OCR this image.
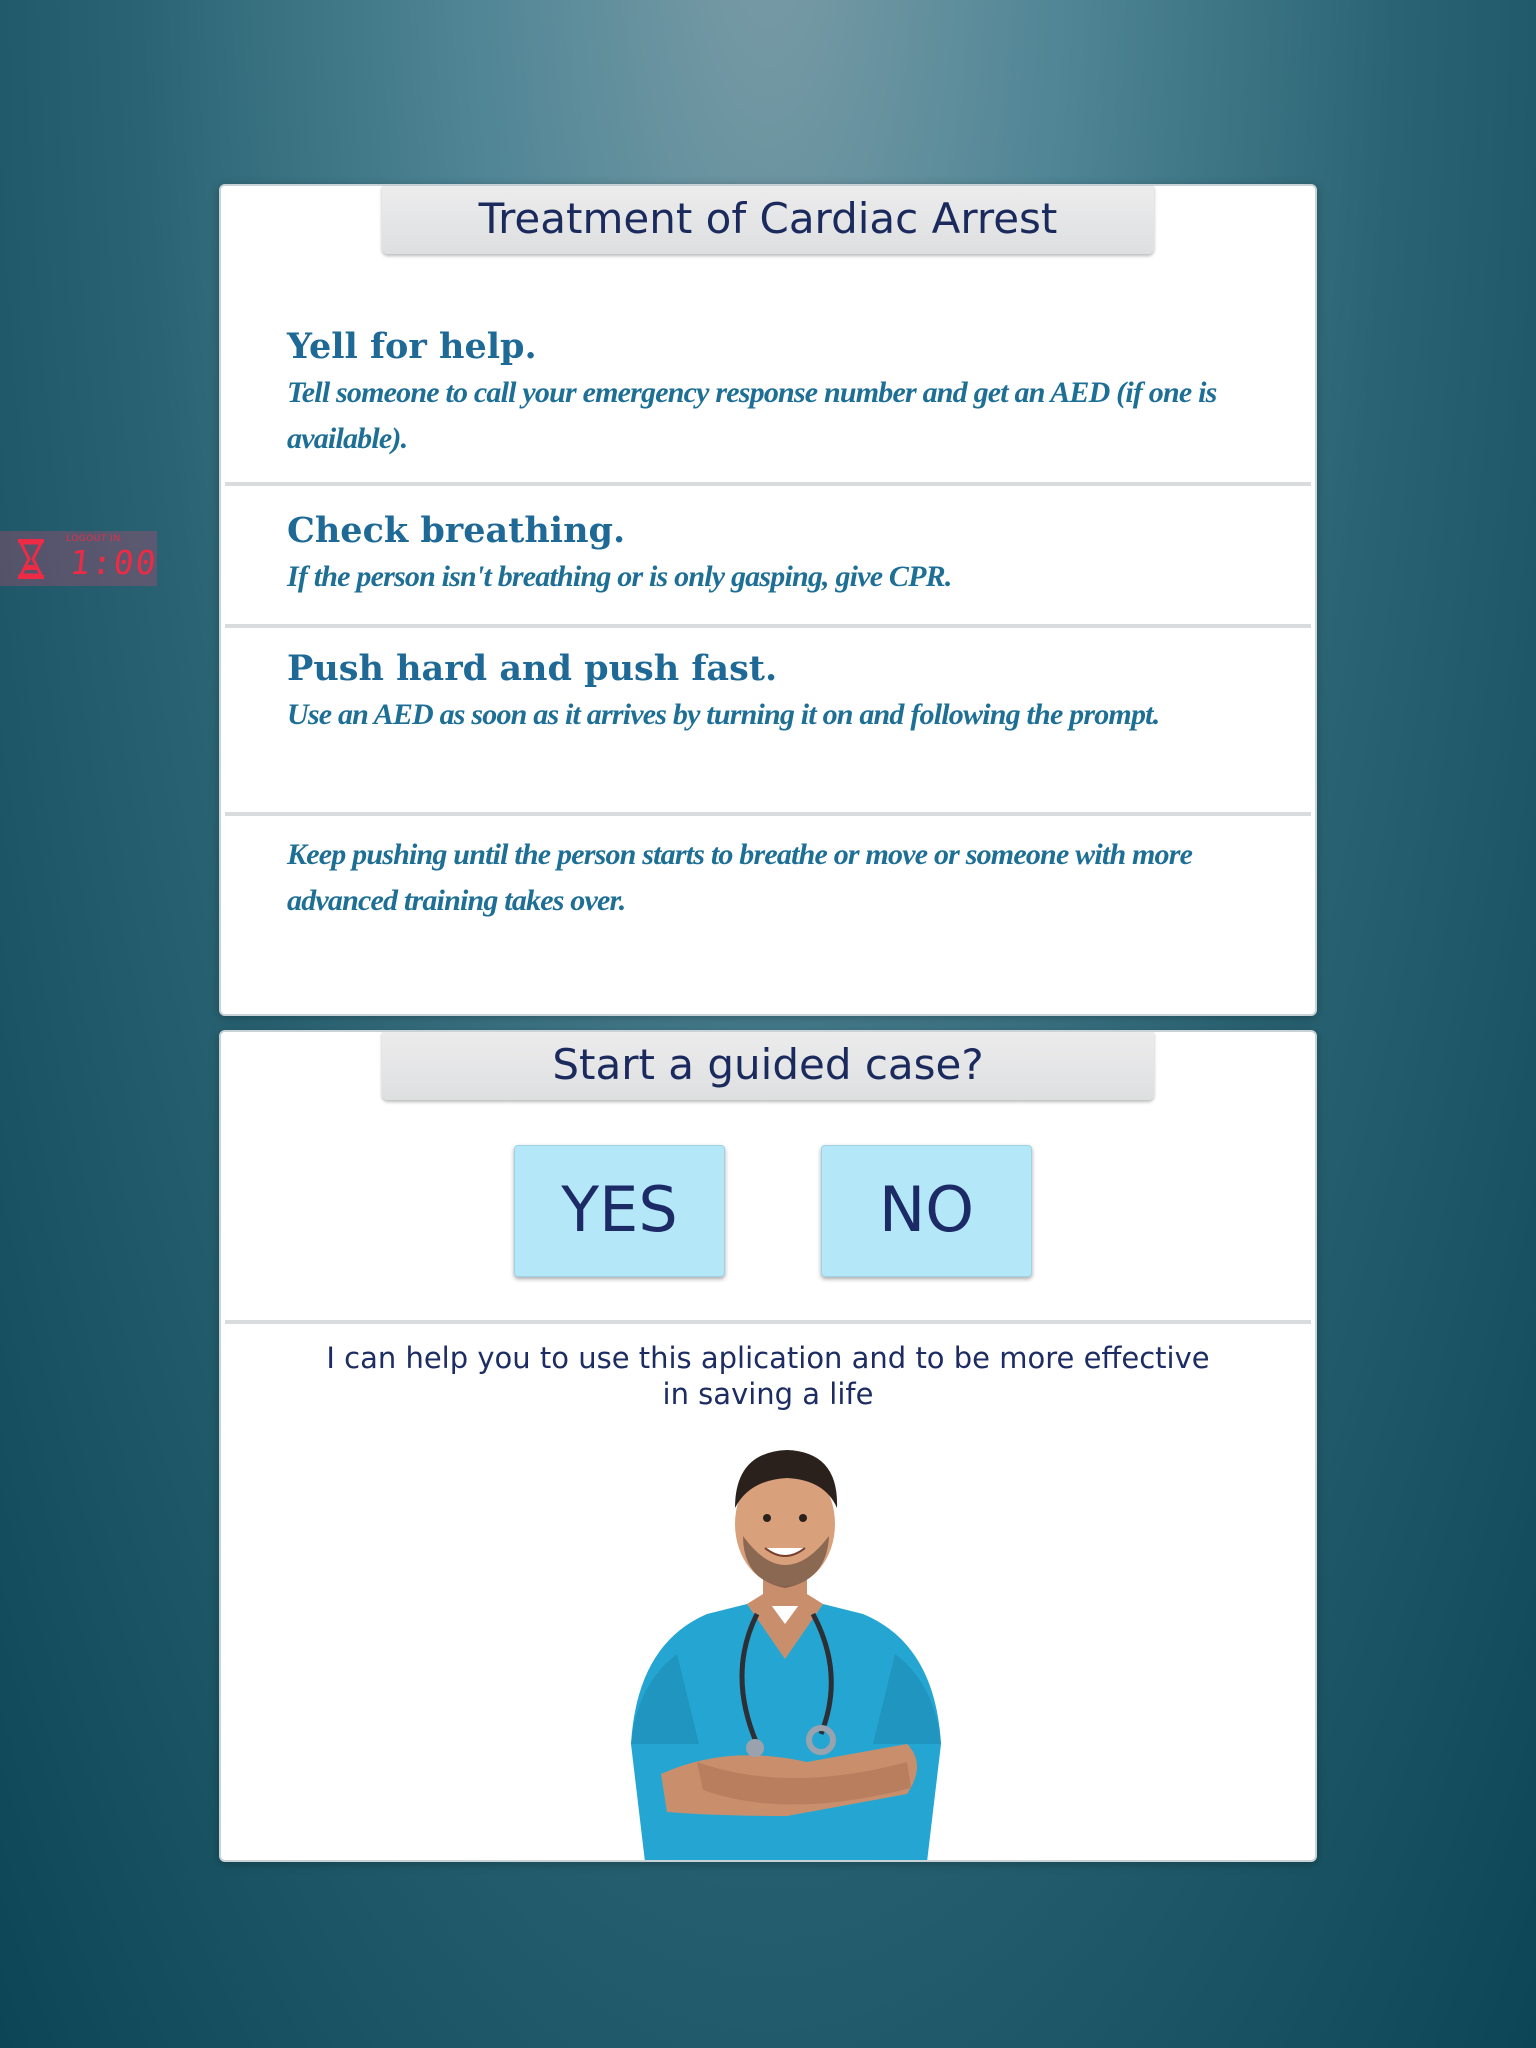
LOGOUT IN
1:00
Treatment of Cardiac Arrest
Yell for help.
Tell someone to call your emergency response number and get an AED (if one is available).
Check breathing.
If the person isn't breathing or is only gasping, give CPR.
Push hard and push fast.
Use an AED as soon as it arrives by turning it on and following the prompt.
Keep pushing until the person starts to breathe or move or someone with more advanced training takes over.
Start a guided case?
YES	NO
I can help you to use this aplication and to be more effective in saving a life
